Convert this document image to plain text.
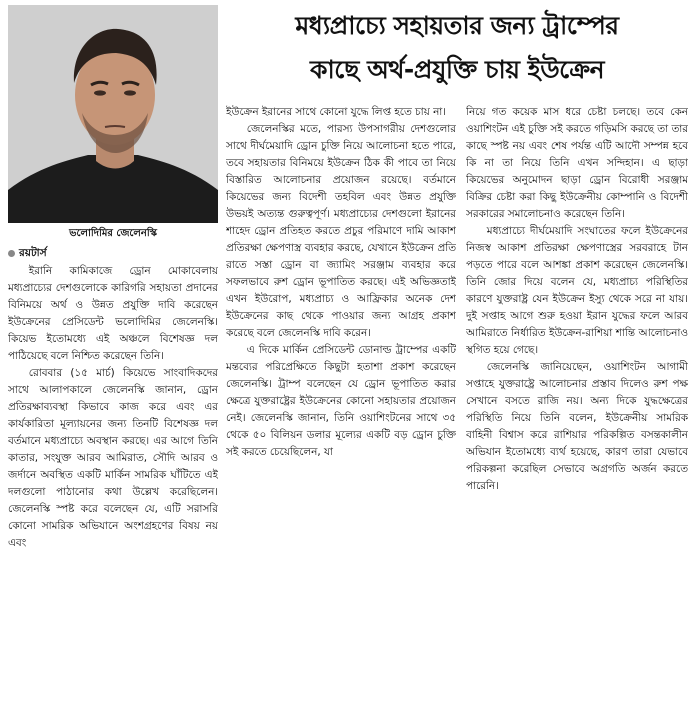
ভলোদিমির জেলেনস্কি
মধ্যপ্রাচ্যে সহায়তার জন্য ট্রাম্পের
কাছে অর্থ-প্রযুক্তি চায় ইউক্রেন
রয়টার্স

ইরানি কামিকাজে ড্রোন মোকাবেলায় মধ্যপ্রাচ্যের দেশগুলোকে কারিগরি সহায়তা প্রদানের বিনিময়ে অর্থ ও উন্নত প্রযুক্তি দাবি করেছেন ইউক্রেনের প্রেসিডেন্ট ভলোদিমির জেলেনস্কি। কিয়েভ ইতোমধ্যে এই অঞ্চলে বিশেষজ্ঞ দল পাঠিয়েছে বলে নিশ্চিত করেছেন তিনি।

রোববার (১৫ মার্চ) কিয়েভে সাংবাদিকদের সাথে আলাপকালে জেলেনস্কি জানান, ড্রোন প্রতিরক্ষাব্যবস্থা কিভাবে কাজ করে এবং এর কার্যকারিতা মূল্যায়নের জন্য তিনটি বিশেষজ্ঞ দল বর্তমানে মধ্যপ্রাচ্যে অবস্থান করছে। এর আগে তিনি কাতার, সংযুক্ত আরব আমিরাত, সৌদি আরব ও জর্দানে অবস্থিত একটি মার্কিন সামরিক ঘাঁটিতে এই দলগুলো পাঠানোর কথা উল্লেখ করেছিলেন। জেলেনস্কি স্পষ্ট করে বলেছেন যে, এটি সরাসরি কোনো সামরিক অভিযানে অংশগ্রহণের বিষয় নয় এবং

ইউক্রেন ইরানের সাথে কোনো যুদ্ধে লিপ্ত হতে চায় না।

জেলেনস্কির মতে, পারস্য উপসাগরীয় দেশগুলোর সাথে দীর্ঘমেয়াদি ড্রোন চুক্তি নিয়ে আলোচনা হতে পারে, তবে সহায়তার বিনিময়ে ইউক্রেন ঠিক কী পাবে তা নিয়ে বিস্তারিত আলোচনার প্রয়োজন রয়েছে। বর্তমানে কিয়েভের জন্য বিদেশী তহবিল এবং উন্নত প্রযুক্তি উভয়ই অত্যন্ত গুরুত্বপূর্ণ। মধ্যপ্রাচ্যের দেশগুলো ইরানের শাহেদ ড্রোন প্রতিহত করতে প্রচুর পরিমাণে দামি আকাশ প্রতিরক্ষা ক্ষেপণাস্ত্র ব্যবহার করছে, যেখানে ইউক্রেন প্রতি রাতে সস্তা ড্রোন বা জ্যামিং সরঞ্জাম ব্যবহার করে সফলভাবে রুশ ড্রোন ভূপাতিত করছে। এই অভিজ্ঞতাই এখন ইউরোপ, মধ্যপ্রাচ্য ও আফ্রিকার অনেক দেশ ইউক্রেনের কাছ থেকে পাওয়ার জন্য আগ্রহ প্রকাশ করেছে বলে জেলেনস্কি দাবি করেন।

এ দিকে মার্কিন প্রেসিডেন্ট ডোনাল্ড ট্রাম্পের একটি মন্তব্যের পরিপ্রেক্ষিতে কিছুটা হতাশা প্রকাশ করেছেন জেলেনস্কি। ট্রাম্প বলেছেন যে ড্রোন ভূপাতিত করার ক্ষেত্রে যুক্তরাষ্ট্রের ইউক্রেনের কোনো সহায়তার প্রয়োজন নেই। জেলেনস্কি জানান, তিনি ওয়াশিংটনের সাথে ৩৫ থেকে ৫০ বিলিয়ন ডলার মূল্যের একটি বড় ড্রোন চুক্তি সই করতে চেয়েছিলেন, যা

নিয়ে গত কয়েক মাস ধরে চেষ্টা চলছে। তবে কেন ওয়াশিংটন এই চুক্তি সই করতে গড়িমসি করছে তা তার কাছে স্পষ্ট নয় এবং শেষ পর্যন্ত এটি আদৌ সম্পন্ন হবে কি না তা নিয়ে তিনি এখন সন্দিহান। এ ছাড়া কিয়েভের অনুমোদন ছাড়া ড্রোন বিরোধী সরঞ্জাম বিক্রির চেষ্টা করা কিছু ইউক্রেনীয় কোম্পানি ও বিদেশী সরকারের সমালোচনাও করেছেন তিনি।

মধ্যপ্রাচ্যে দীর্ঘমেয়াদি সংঘাতের ফলে ইউক্রেনের নিজস্ব আকাশ প্রতিরক্ষা ক্ষেপণাস্ত্রের সরবরাহে টান পড়তে পারে বলে আশঙ্কা প্রকাশ করেছেন জেলেনস্কি। তিনি জোর দিয়ে বলেন যে, মধ্যপ্রাচ্য পরিস্থিতির কারণে যুক্তরাষ্ট্র যেন ইউক্রেন ইস্যু থেকে সরে না যায়। দুই সপ্তাহ আগে শুরু হওয়া ইরান যুদ্ধের ফলে আরব আমিরাতে নির্ধারিত ইউক্রেন-রাশিয়া শান্তি আলোচনাও স্থগিত হয়ে গেছে।

জেলেনস্কি জানিয়েছেন, ওয়াশিংটন আগামী সপ্তাহে যুক্তরাষ্ট্রে আলোচনার প্রস্তাব দিলেও রুশ পক্ষ সেখানে বসতে রাজি নয়। অন্য দিকে যুদ্ধক্ষেত্রের পরিস্থিতি নিয়ে তিনি বলেন, ইউক্রেনীয় সামরিক বাহিনী বিশ্বাস করে রাশিয়ার পরিকল্পিত বসন্তকালীন অভিযান ইতোমধ্যে ব্যর্থ হয়েছে, কারণ তারা যেভাবে পরিকল্পনা করেছিল সেভাবে অগ্রগতি অর্জন করতে পারেনি।
